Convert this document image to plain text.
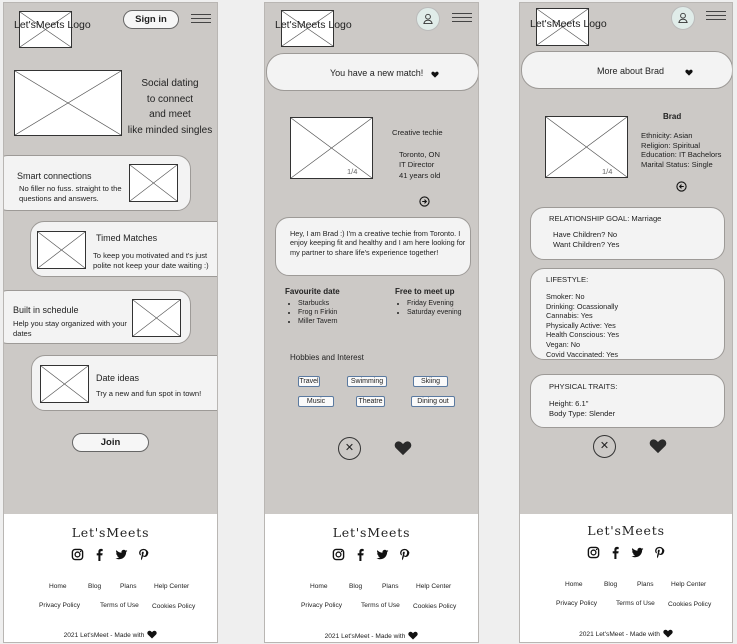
Let'sMeets Logo	Sign in
Social dating
to connect
and meet
like minded singles
Smart connections
No filler no fuss. straight to the questions and answers.
Timed Matches
To keep you motivated and t's just polite not keep your date waiting :)
Built in schedule
Help you stay organized with your dates
Date ideas
Try a new and fun spot in town!
Join
Let'sMeets
Home	Blog	Plans	Help Center
Privacy Policy	Terms of Use Cookies Policy
2021 Let'sMeet - Made with
Let'sMeets Logo
You have a new match!
1/4
Creative techie
Toronto, ON
IT Director
41 years old
Hey, I am Brad :) I'm a creative techie from Toronto. I enjoy keeping fit and healthy and I am here looking for my partner to share life's experience together!
Favourite date
• Starbucks
• Frog n Firkin
• Miller Tavern
Free to meet up
• Friday Evening
• Saturday evening
Hobbies and Interest
Travel	Swimming	Skiing
Music	Theatre	Dining out
✕
Let'sMeets
Home	Blog	Plans	Help Center
Privacy Policy	Terms of Use Cookies Policy
2021 Let'sMeet - Made with
Let'sMeets Logo
More about Brad
Brad
1/4
Ethnicity: Asian
Religion: Spiritual
Education: IT Bachelors
Marital Status: Single
RELATIONSHIP GOAL: Marriage
Have Children? No
Want Children? Yes
LIFESTYLE:
Smoker: No
Drinking: Ocassionally
Cannabis: Yes
Physically Active: Yes
Health Conscious: Yes
Vegan: No
Covid Vaccinated: Yes
PHYSICAL TRAITS:
Height: 6.1"
Body Type: Slender
✕
Let'sMeets
Home	Blog	Plans	Help Center
Privacy Policy	Terms of Use Cookies Policy
2021 Let'sMeet - Made with
